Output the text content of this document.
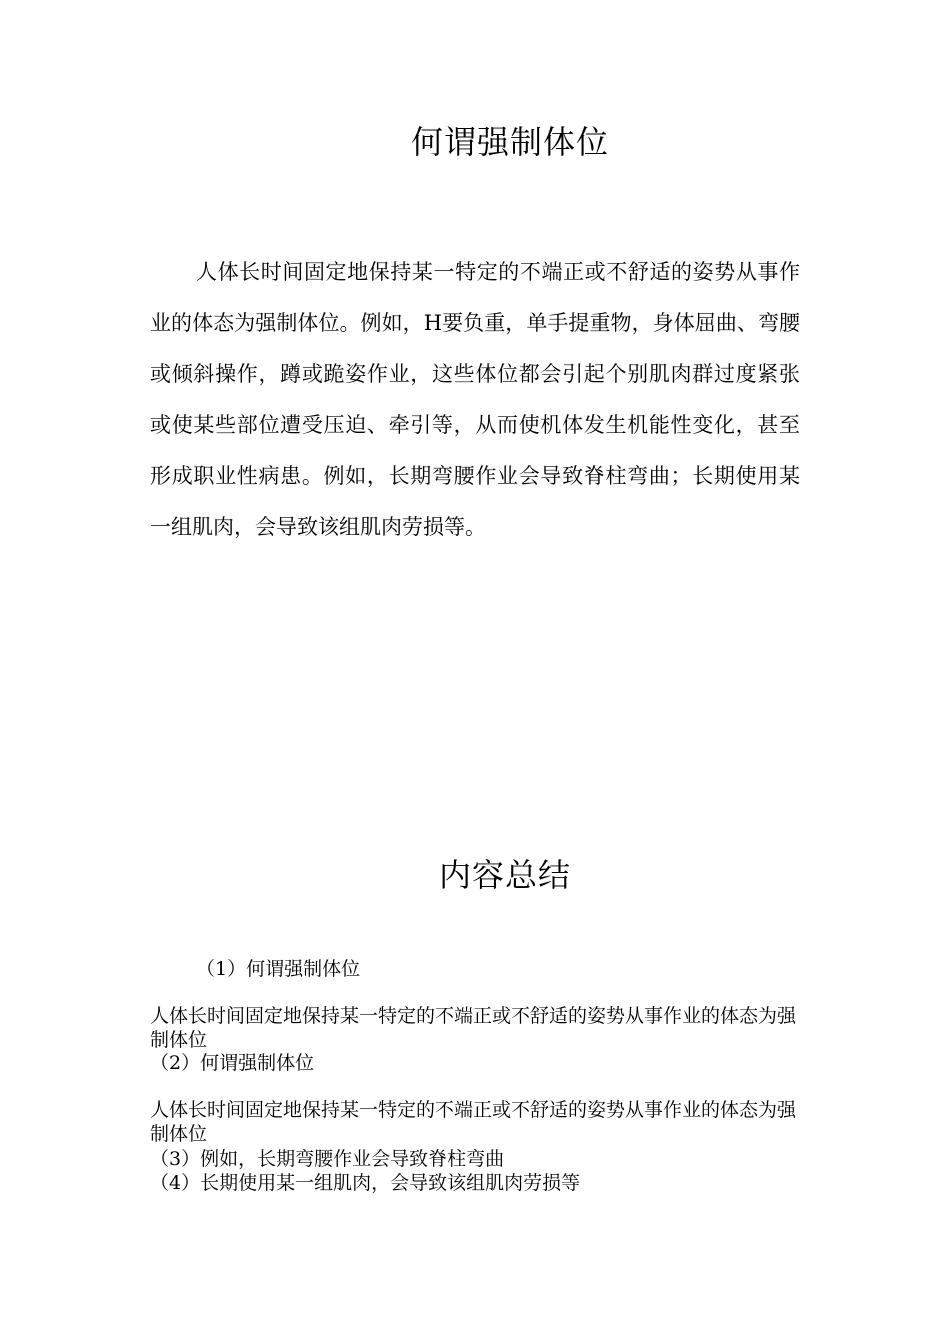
何谓强制体位

人体长时间固定地保持某一特定的不端正或不舒适的姿势从事作业的体态为强制体位。例如，H要负重，单手提重物，身体屈曲、弯腰或倾斜操作，蹲或跪姿作业，这些体位都会引起个别肌肉群过度紧张或使某些部位遭受压迫、牵引等，从而使机体发生机能性变化，甚至形成职业性病患。例如，长期弯腰作业会导致脊柱弯曲；长期使用某一组肌肉，会导致该组肌肉劳损等。

内容总结

（1）何谓强制体位

人体长时间固定地保持某一特定的不端正或不舒适的姿势从事作业的体态为强制体位

（2）何谓强制体位

人体长时间固定地保持某一特定的不端正或不舒适的姿势从事作业的体态为强制体位

（3）例如，长期弯腰作业会导致脊柱弯曲

（4）长期使用某一组肌肉，会导致该组肌肉劳损等
